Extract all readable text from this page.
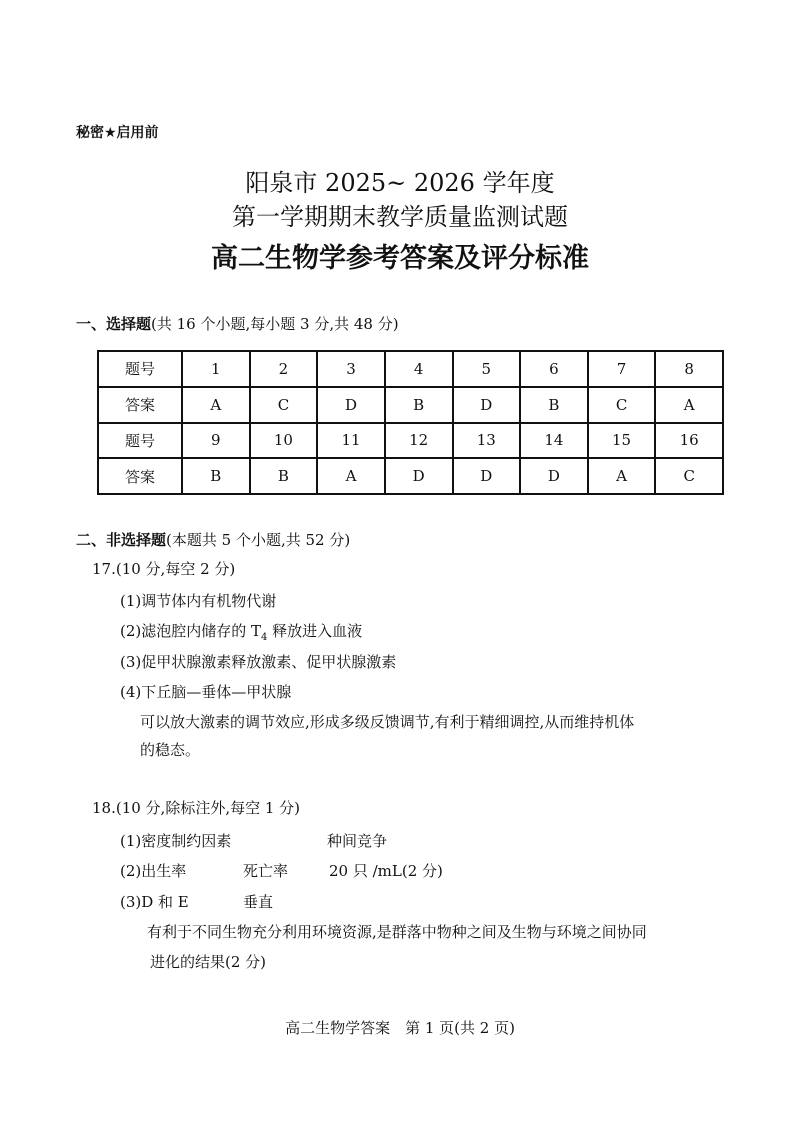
秘密★启用前
阳泉市 2025~ 2026 学年度
第一学期期末教学质量监测试题
高二生物学参考答案及评分标准
一、选择题(共 16 个小题,每小题 3 分,共 48 分)
题号	1	2	3	4	5	6	7	8
答案	A	C	D	B	D	B	C	A
题号	9	10	11	12	13	14	15	16
答案	B	B	A	D	D	D	A	C
二、非选择题(本题共 5 个小题,共 52 分)
17.(10 分,每空 2 分)
(1)调节体内有机物代谢
(2)滤泡腔内储存的 $T_4$ 释放进入血液
(3)促甲状腺激素释放激素、促甲状腺激素
(4)下丘脑—垂体—甲状腺
可以放大激素的调节效应,形成多级反馈调节,有利于精细调控,从而维持机体
的稳态。
18.(10 分,除标注外,每空 1 分)
(1)密度制约因素	种间竞争
(2)出生率	死亡率	20 只 /mL(2 分)
(3)D 和 E	垂直
有利于不同生物充分利用环境资源,是群落中物种之间及生物与环境之间协同
进化的结果(2 分)
高二生物学答案　第 1 页(共 2 页)
